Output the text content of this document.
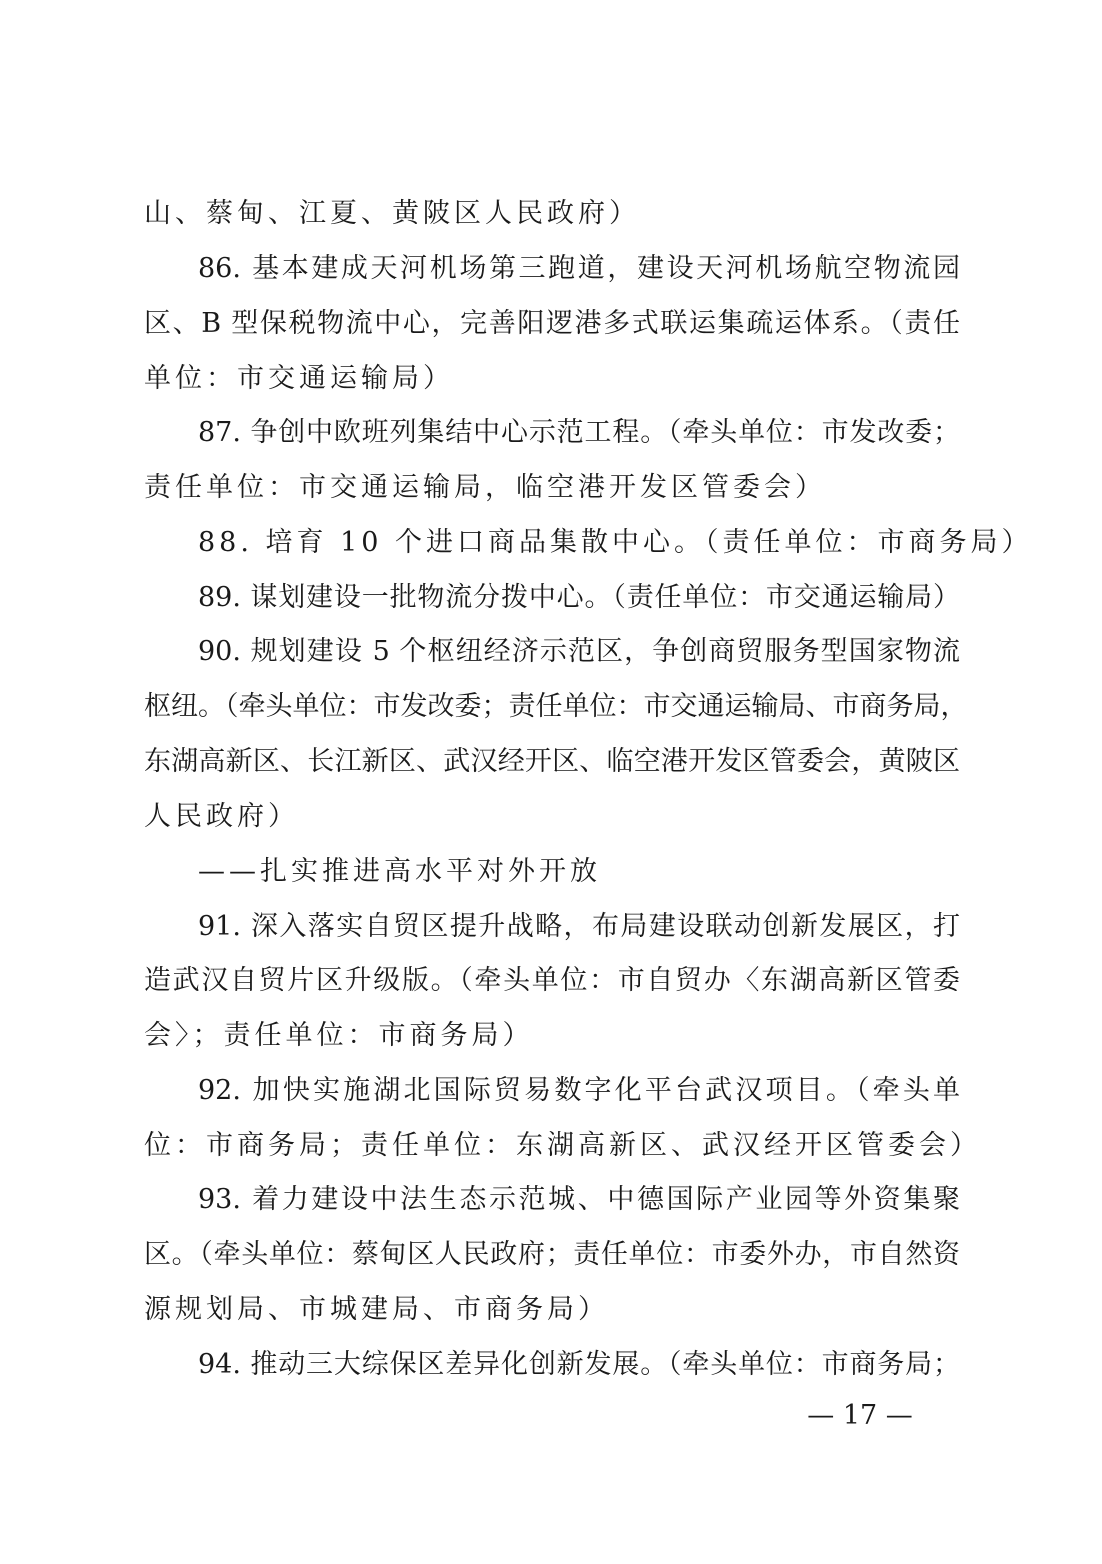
山、蔡甸、江夏、黄陂区人民政府）
86. 基本建成天河机场第三跑道，建设天河机场航空物流园
区、B 型保税物流中心，完善阳逻港多式联运集疏运体系。（责任
单位：市交通运输局）
87. 争创中欧班列集结中心示范工程。（牵头单位：市发改委；
责任单位：市交通运输局，临空港开发区管委会）
88. 培育 10 个进口商品集散中心。（责任单位：市商务局）
89. 谋划建设一批物流分拨中心。（责任单位：市交通运输局）
90. 规划建设 5 个枢纽经济示范区，争创商贸服务型国家物流
枢纽。（牵头单位：市发改委；责任单位：市交通运输局、市商务局，
东湖高新区、长江新区、武汉经开区、临空港开发区管委会，黄陂区
人民政府）
——扎实推进高水平对外开放
91. 深入落实自贸区提升战略，布局建设联动创新发展区，打
造武汉自贸片区升级版。（牵头单位：市自贸办〈东湖高新区管委
会〉；责任单位：市商务局）
92. 加快实施湖北国际贸易数字化平台武汉项目。（牵头单
位：市商务局；责任单位：东湖高新区、武汉经开区管委会）
93. 着力建设中法生态示范城、中德国际产业园等外资集聚
区。（牵头单位：蔡甸区人民政府；责任单位：市委外办，市自然资
源规划局、市城建局、市商务局）
94. 推动三大综保区差异化创新发展。（牵头单位：市商务局；
— 17 —
